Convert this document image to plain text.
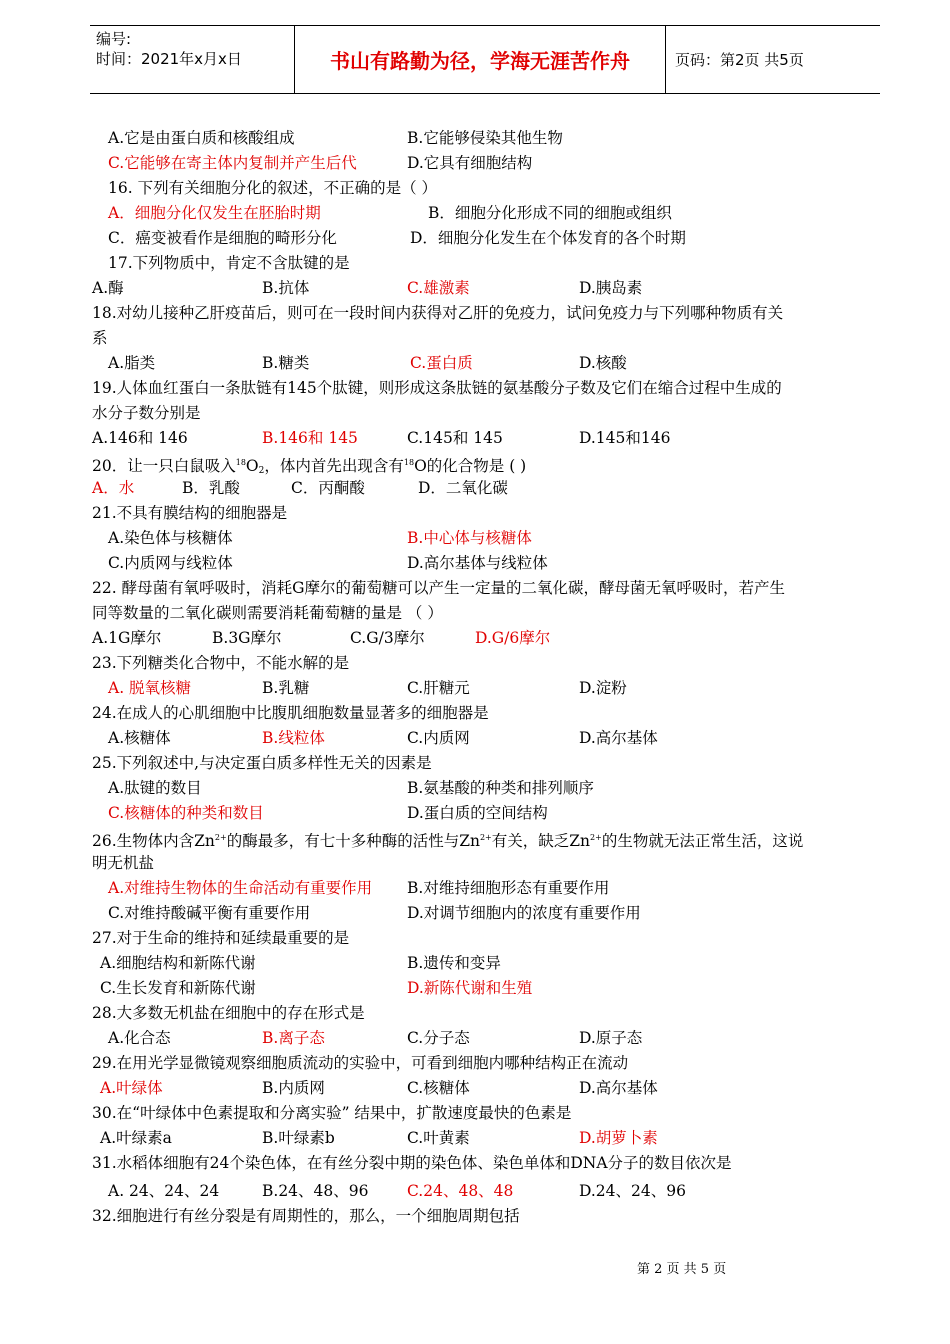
编号:
时间：2021年x月x日	书山有路勤为径，学海无涯苦作舟	页码：第2页 共5页
A.它是由蛋白质和核酸组成	B.它能够侵染其他生物
C.它能够在寄主体内复制并产生后代	D.它具有细胞结构
16. 下列有关细胞分化的叙述，不正确的是（ ）
A．细胞分化仅发生在胚胎时期	B．细胞分化形成不同的细胞或组织
C．癌变被看作是细胞的畸形分化	D．细胞分化发生在个体发育的各个时期
17.下列物质中，肯定不含肽键的是
A.酶	B.抗体	C.雄激素	D.胰岛素
18.对幼儿接种乙肝疫苗后，则可在一段时间内获得对乙肝的免疫力，试问免疫力与下列哪种物质有关
系
A.脂类	B.糖类	C.蛋白质	D.核酸
19.人体血红蛋白一条肽链有145个肽键，则形成这条肽链的氨基酸分子数及它们在缩合过程中生成的
水分子数分别是
A.146和 146	B.146和 145	C.145和 145	D.145和146
20．让一只白鼠吸入$^{18}O_2$，体内首先出现含有$^{18}$O的化合物是 ( )
A．水	B．乳酸	C．丙酮酸	D．二氧化碳
21.不具有膜结构的细胞器是
A.染色体与核糖体	B.中心体与核糖体
C.内质网与线粒体	D.高尔基体与线粒体
22. 酵母菌有氧呼吸时，消耗G摩尔的葡萄糖可以产生一定量的二氧化碳，酵母菌无氧呼吸时，若产生
同等数量的二氧化碳则需要消耗葡萄糖的量是 （ ）
A.1G摩尔	B.3G摩尔	C.G/3摩尔	D.G/6摩尔
23.下列糖类化合物中，不能水解的是
A. 脱氧核糖	B.乳糖	C.肝糖元	D.淀粉
24.在成人的心肌细胞中比腹肌细胞数量显著多的细胞器是
A.核糖体	B.线粒体	C.内质网	D.高尔基体
25.下列叙述中,与决定蛋白质多样性无关的因素是
A.肽键的数目	B.氨基酸的种类和排列顺序
C.核糖体的种类和数目	D.蛋白质的空间结构
26.生物体内含$Zn^{2+}$的酶最多，有七十多种酶的活性与$Zn^{2+}$有关，缺乏$Zn^{2+}$的生物就无法正常生活，这说
明无机盐
A.对维持生物体的生命活动有重要作用 B.对维持细胞形态有重要作用
C.对维持酸碱平衡有重要作用	D.对调节细胞内的浓度有重要作用
27.对于生命的维持和延续最重要的是
A.细胞结构和新陈代谢	B.遗传和变异
C.生长发育和新陈代谢	D.新陈代谢和生殖
28.大多数无机盐在细胞中的存在形式是
A.化合态	B.离子态	C.分子态	D.原子态
29.在用光学显微镜观察细胞质流动的实验中，可看到细胞内哪种结构正在流动
A.叶绿体	B.内质网	C.核糖体	D.高尔基体
30.在“叶绿体中色素提取和分离实验” 结果中，扩散速度最快的色素是
A.叶绿素a	B.叶绿素b	C.叶黄素	D.胡萝卜素
31.水稻体细胞有24个染色体，在有丝分裂中期的染色体、染色单体和DNA分子的数目依次是
A. 24、24、24	B.24、48、96 C.24、48、48	D.24、24、96
32.细胞进行有丝分裂是有周期性的，那么，一个细胞周期包括
第 2 页 共 5 页
